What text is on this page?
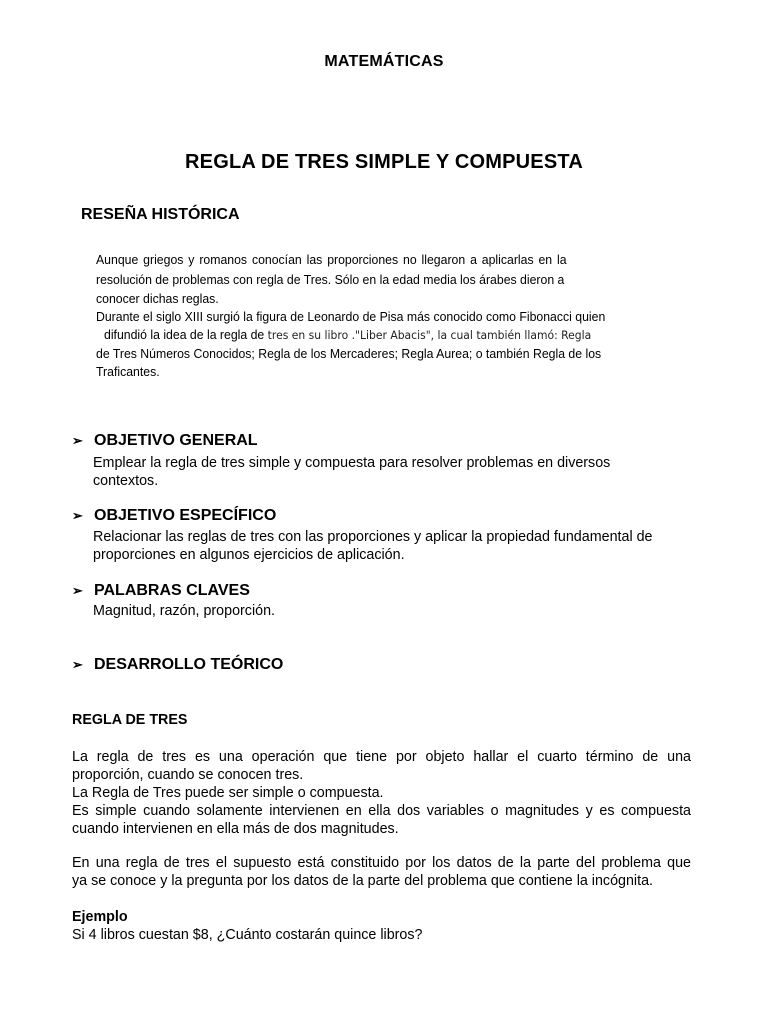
MATEMÁTICAS
REGLA DE TRES SIMPLE Y COMPUESTA
RESEÑA HISTÓRICA
Aunque griegos y romanos conocían las proporciones no llegaron a aplicarlas en la
resolución de problemas con regla de Tres. Sólo en la edad media los árabes dieron a
conocer dichas reglas.
Durante el siglo XIII surgió la figura de Leonardo de Pisa más conocido como Fibonacci quien
difundió la idea de la regla de tres en su libro ."Liber Abacis", la cual también llamó: Regla
de Tres Números Conocidos; Regla de los Mercaderes; Regla Aurea; o también Regla de los
Traficantes.
➢ OBJETIVO GENERAL
Emplear la regla de tres simple y compuesta para resolver problemas en diversos
contextos.
➢ OBJETIVO ESPECÍFICO
Relacionar las reglas de tres con las proporciones y aplicar la propiedad fundamental de
proporciones en algunos ejercicios de aplicación.
➢ PALABRAS CLAVES
Magnitud, razón, proporción.
➢ DESARROLLO TEÓRICO
REGLA DE TRES
La regla de tres es una operación que tiene por objeto hallar el cuarto término de una
proporción, cuando se conocen tres.
La Regla de Tres puede ser simple o compuesta.
Es simple cuando solamente intervienen en ella dos variables o magnitudes y es compuesta
cuando intervienen en ella más de dos magnitudes.
En una regla de tres el supuesto está constituido por los datos de la parte del problema que
ya se conoce y la pregunta por los datos de la parte del problema que contiene la incógnita.
Ejemplo
Si 4 libros cuestan $8, ¿Cuánto costarán quince libros?
